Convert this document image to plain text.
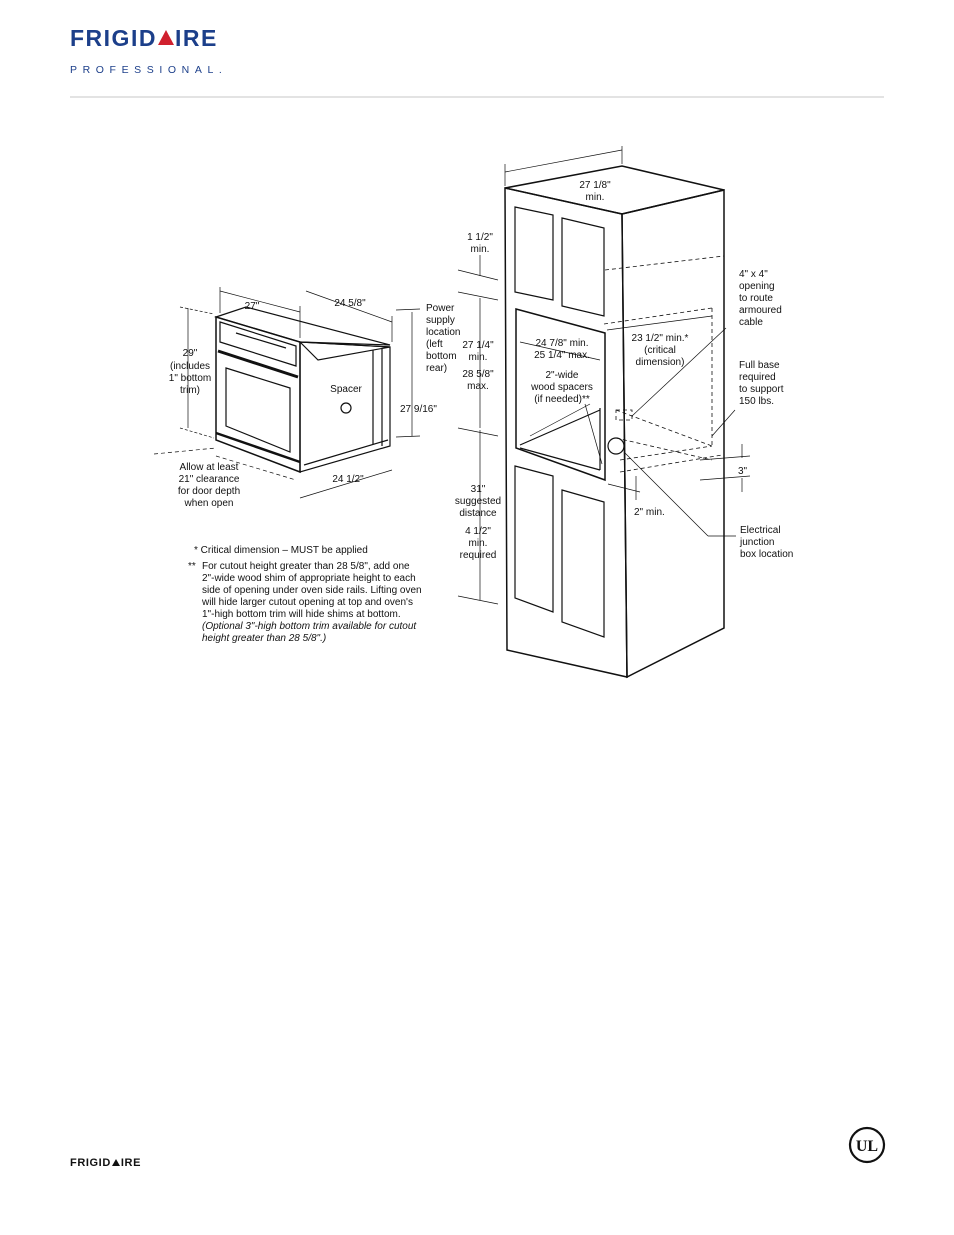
FRIGID IRE
PROFESSIONAL.
27"	24 5/8"
29"
(includes
1" bottom
trim)	Spacer
Power
supply
location
(left
bottom
rear)
27 9/16"
24 1/2"
Allow at least
21" clearance
for door depth
when open
27 1/8"
min.
1 1/2"
min.
27 1/4"
min.
28 5/8"
max.
24 7/8" min.
25 1/4" max.
2"-wide
wood spacers
(if needed)**
23 1/2" min.*
(critical
dimension)
4" x 4"
opening
to route
armoured
cable
Full base
required
to support
150 lbs.
3"
2" min.
31"
suggested
distance
4 1/2"
min.
required
Electrical
junction
box location
* Critical dimension – MUST be applied
** For cutout height greater than 28 5/8", add one
2"-wide wood shim of appropriate height to each
side of opening under oven side rails. Lifting oven
will hide larger cutout opening at top and oven's
1"-high bottom trim will hide shims at bottom.
(Optional 3"-high bottom trim available for cutout
height greater than 28 5/8".)
FRIGID IRE
UL
